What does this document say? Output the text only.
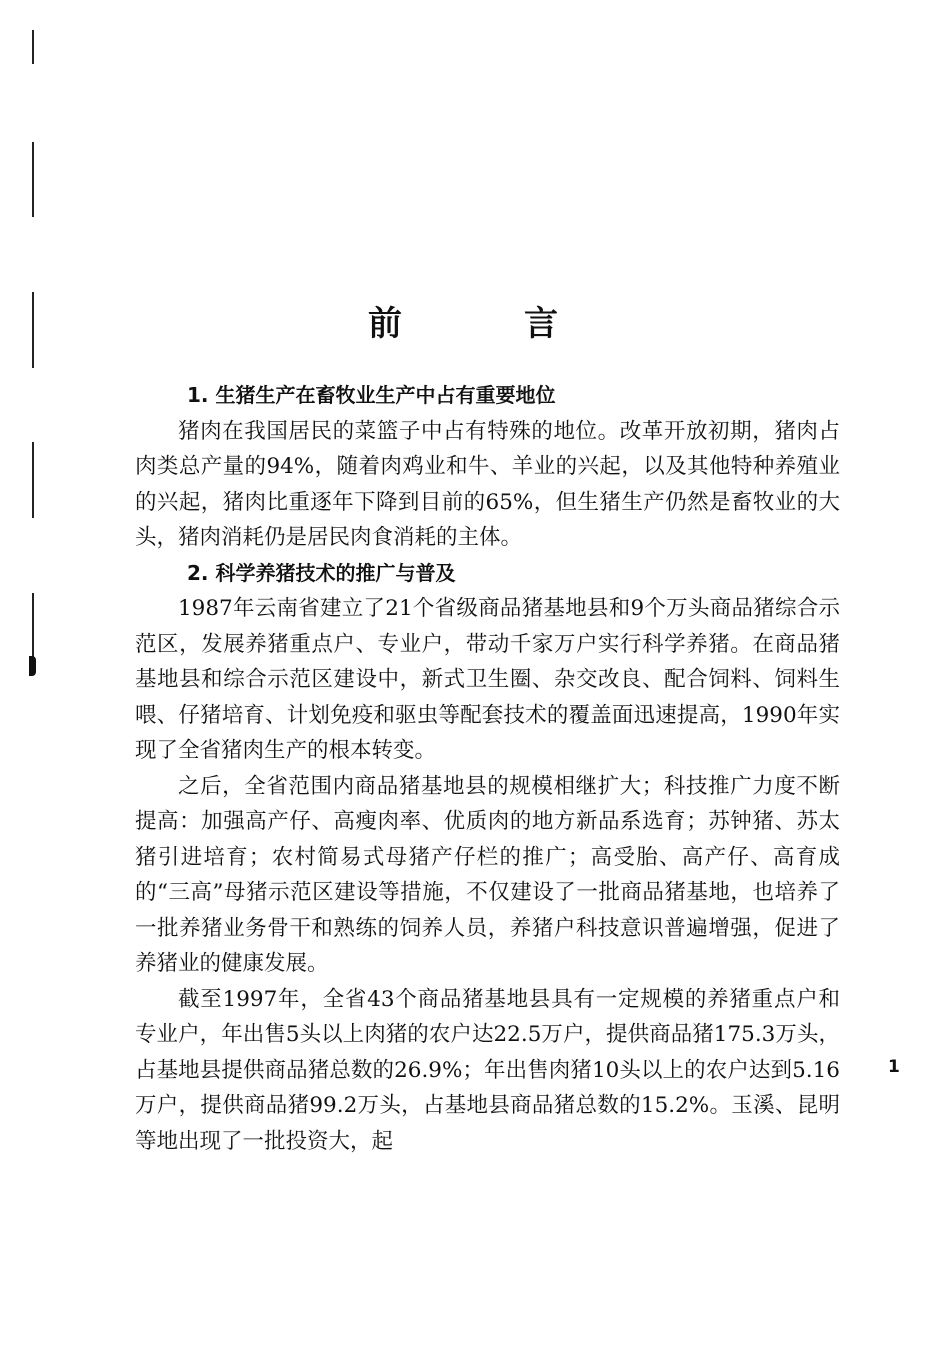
前　言
1. 生猪生产在畜牧业生产中占有重要地位

猪肉在我国居民的菜篮子中占有特殊的地位。改革开放初期，猪肉占肉类总产量的94%，随着肉鸡业和牛、羊业的兴起，以及其他特种养殖业的兴起，猪肉比重逐年下降到目前的65%，但生猪生产仍然是畜牧业的大头，猪肉消耗仍是居民肉食消耗的主体。

2. 科学养猪技术的推广与普及

1987年云南省建立了21个省级商品猪基地县和9个万头商品猪综合示范区，发展养猪重点户、专业户，带动千家万户实行科学养猪。在商品猪基地县和综合示范区建设中，新式卫生圈、杂交改良、配合饲料、饲料生喂、仔猪培育、计划免疫和驱虫等配套技术的覆盖面迅速提高，1990年实现了全省猪肉生产的根本转变。

之后，全省范围内商品猪基地县的规模相继扩大；科技推广力度不断提高：加强高产仔、高瘦肉率、优质肉的地方新品系选育；苏钟猪、苏太猪引进培育；农村简易式母猪产仔栏的推广；高受胎、高产仔、高育成的“三高”母猪示范区建设等措施，不仅建设了一批商品猪基地，也培养了一批养猪业务骨干和熟练的饲养人员，养猪户科技意识普遍增强，促进了养猪业的健康发展。

截至1997年，全省43个商品猪基地县具有一定规模的养猪重点户和专业户，年出售5头以上肉猪的农户达22.5万户，提供商品猪175.3万头，占基地县提供商品猪总数的26.9%；年出售肉猪10头以上的农户达到5.16万户，提供商品猪99.2万头，占基地县商品猪总数的15.2%。玉溪、昆明等地出现了一批投资大，起

1
